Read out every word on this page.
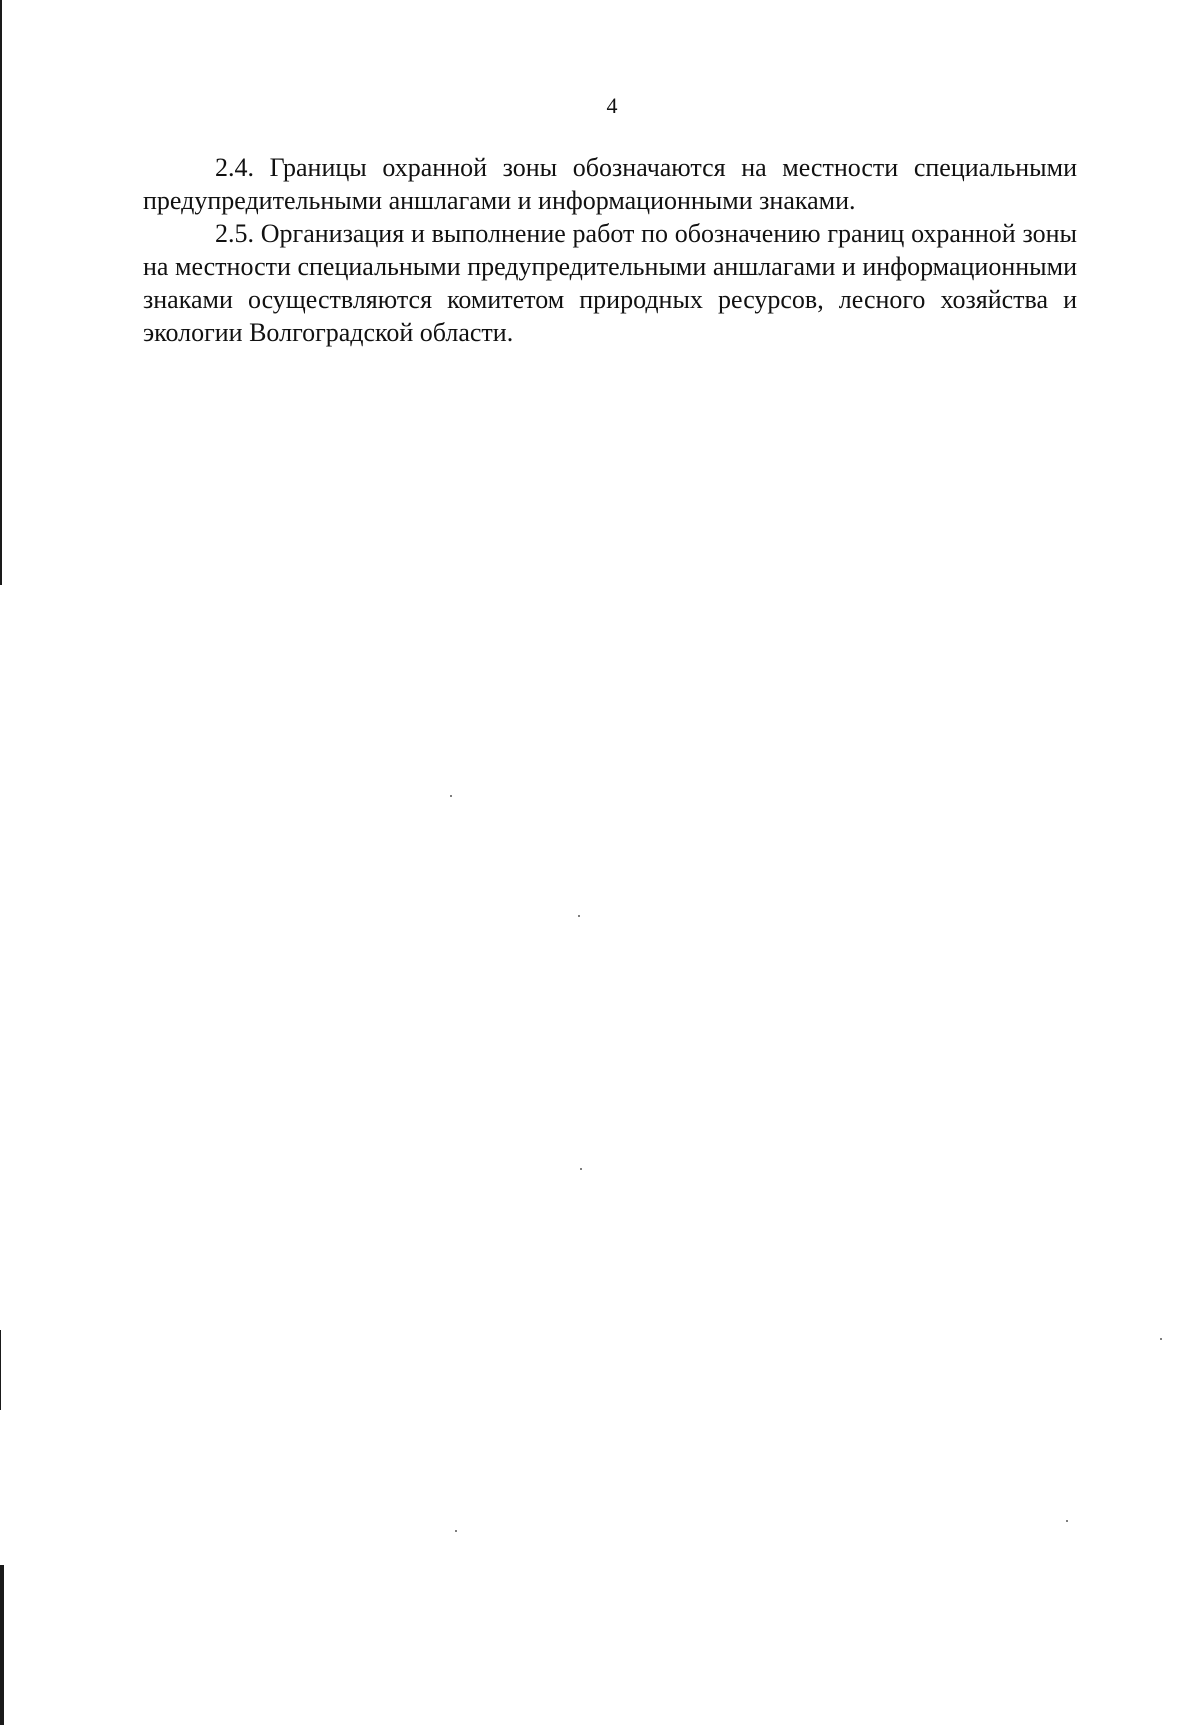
4

2.4. Границы охранной зоны обозначаются на местности специальными предупредительными аншлагами и информационными знаками.

2.5. Организация и выполнение работ по обозначению границ охранной зоны на местности специальными предупредительными аншлагами и информационными знаками осуществляются комитетом природных ресурсов, лесного хозяйства и экологии Волгоградской области.
